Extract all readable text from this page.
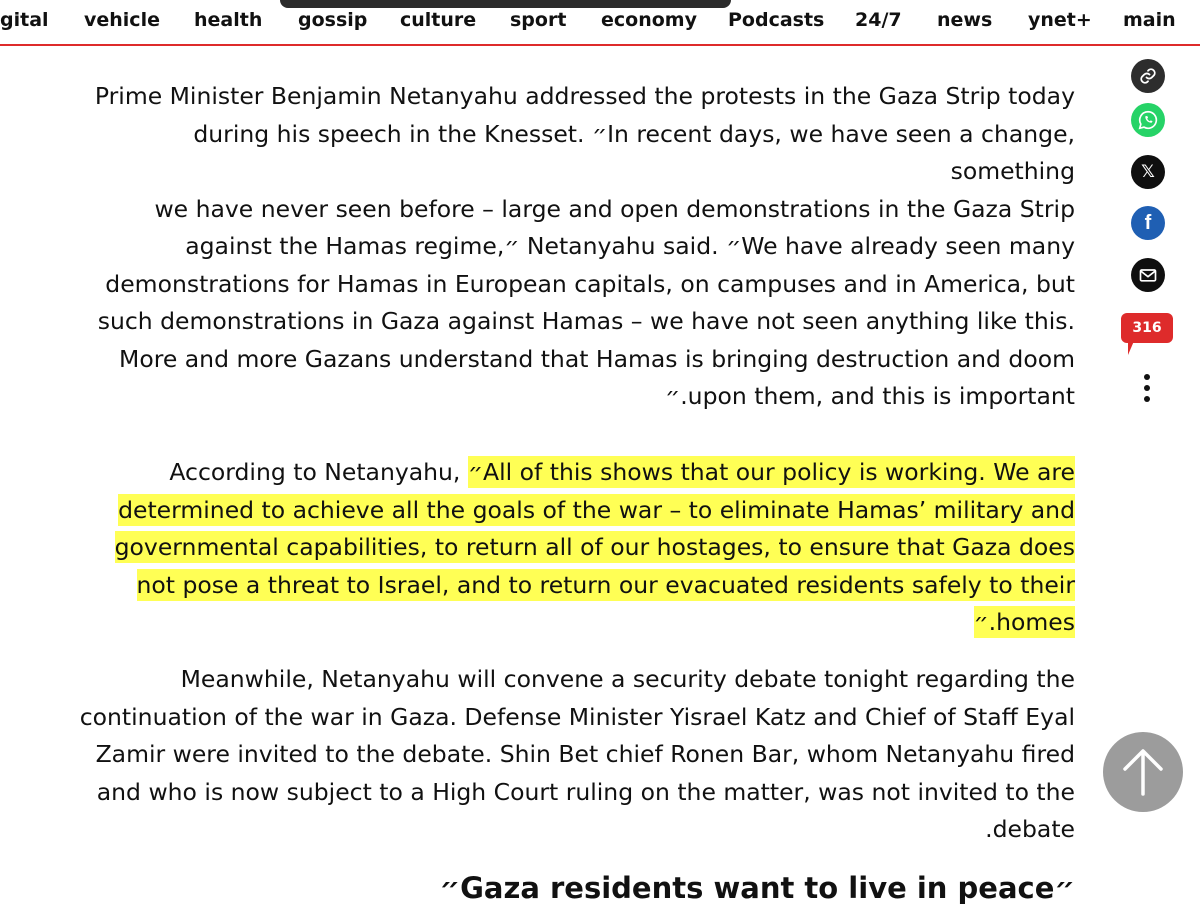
gital vehicle health gossip culture sport economy Podcasts 24/7 news ynet+ main
Prime Minister Benjamin Netanyahu addressed the protests in the Gaza Strip today
during his speech in the Knesset. ״In recent days, we have seen a change, something
we have never seen before – large and open demonstrations in the Gaza Strip
against the Hamas regime,״ Netanyahu said. ״We have already seen many
demonstrations for Hamas in European capitals, on campuses and in America, but
such demonstrations in Gaza against Hamas – we have not seen anything like this.
More and more Gazans understand that Hamas is bringing destruction and doom
״.upon them, and this is important
According to Netanyahu, ״All of this shows that our policy is working. We are
determined to achieve all the goals of the war – to eliminate Hamas’ military and
governmental capabilities, to return all of our hostages, to ensure that Gaza does
not pose a threat to Israel, and to return our evacuated residents safely to their
״.homes
Meanwhile, Netanyahu will convene a security debate tonight regarding the
continuation of the war in Gaza. Defense Minister Yisrael Katz and Chief of Staff Eyal
Zamir were invited to the debate. Shin Bet chief Ronen Bar, whom Netanyahu fired
and who is now subject to a High Court ruling on the matter, was not invited to the
.debate
״Gaza residents want to live in peace״
𝕏
f
316
